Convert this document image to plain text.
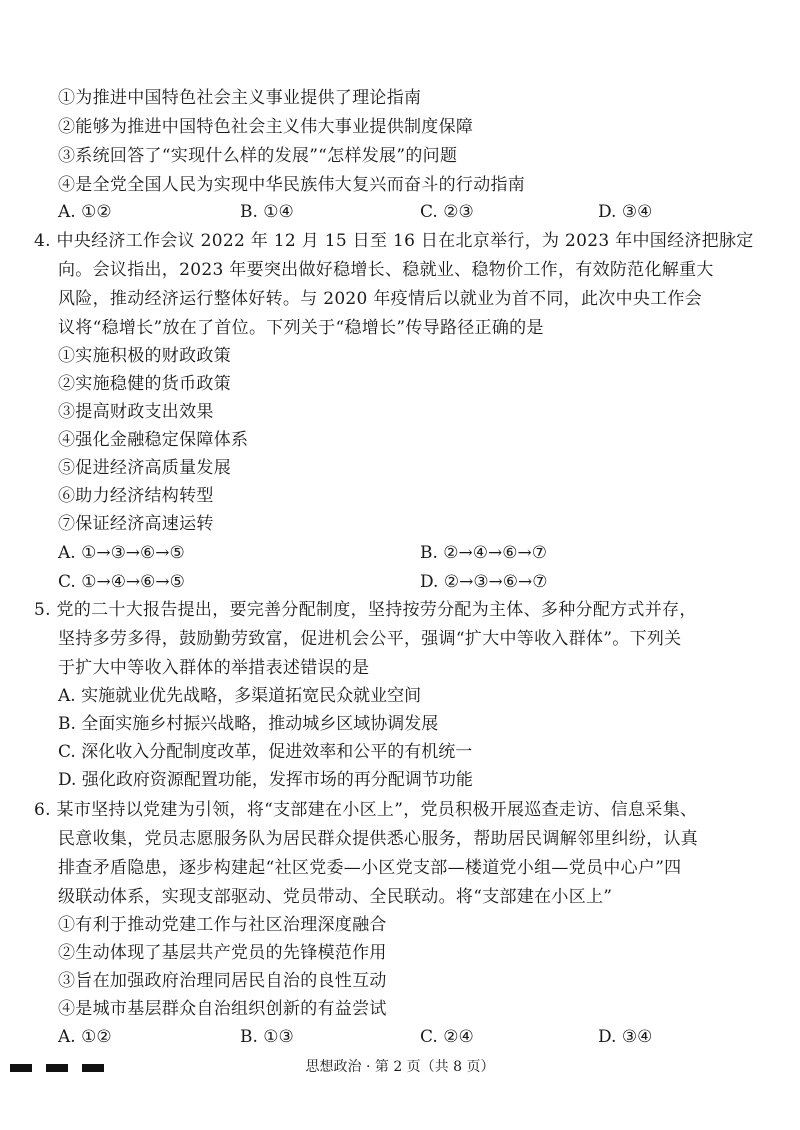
①为推进中国特色社会主义事业提供了理论指南
②能够为推进中国特色社会主义伟大事业提供制度保障
③系统回答了“实现什么样的发展”“怎样发展”的问题
④是全党全国人民为实现中华民族伟大复兴而奋斗的行动指南
A. ①②	B. ①④	C. ②③	D. ③④
4. 中央经济工作会议 2022 年 12 月 15 日至 16 日在北京举行，为 2023 年中国经济把脉定
向。会议指出，2023 年要突出做好稳增长、稳就业、稳物价工作，有效防范化解重大
风险，推动经济运行整体好转。与 2020 年疫情后以就业为首不同，此次中央工作会
议将“稳增长”放在了首位。下列关于“稳增长”传导路径正确的是
①实施积极的财政政策
②实施稳健的货币政策
③提高财政支出效果
④强化金融稳定保障体系
⑤促进经济高质量发展
⑥助力经济结构转型
⑦保证经济高速运转
A. ①→③→⑥→⑤	B. ②→④→⑥→⑦
C. ①→④→⑥→⑤	D. ②→③→⑥→⑦
5. 党的二十大报告提出，要完善分配制度，坚持按劳分配为主体、多种分配方式并存，
坚持多劳多得，鼓励勤劳致富，促进机会公平，强调“扩大中等收入群体”。下列关
于扩大中等收入群体的举措表述错误的是
A. 实施就业优先战略，多渠道拓宽民众就业空间
B. 全面实施乡村振兴战略，推动城乡区域协调发展
C. 深化收入分配制度改革，促进效率和公平的有机统一
D. 强化政府资源配置功能，发挥市场的再分配调节功能
6. 某市坚持以党建为引领，将“支部建在小区上”，党员积极开展巡查走访、信息采集、
民意收集，党员志愿服务队为居民群众提供悉心服务，帮助居民调解邻里纠纷，认真
排查矛盾隐患，逐步构建起“社区党委—小区党支部—楼道党小组—党员中心户”四
级联动体系，实现支部驱动、党员带动、全民联动。将“支部建在小区上”
①有利于推动党建工作与社区治理深度融合
②生动体现了基层共产党员的先锋模范作用
③旨在加强政府治理同居民自治的良性互动
④是城市基层群众自治组织创新的有益尝试
A. ①②	B. ①③	C. ②④	D. ③④
思想政治 · 第 2 页（共 8 页）
